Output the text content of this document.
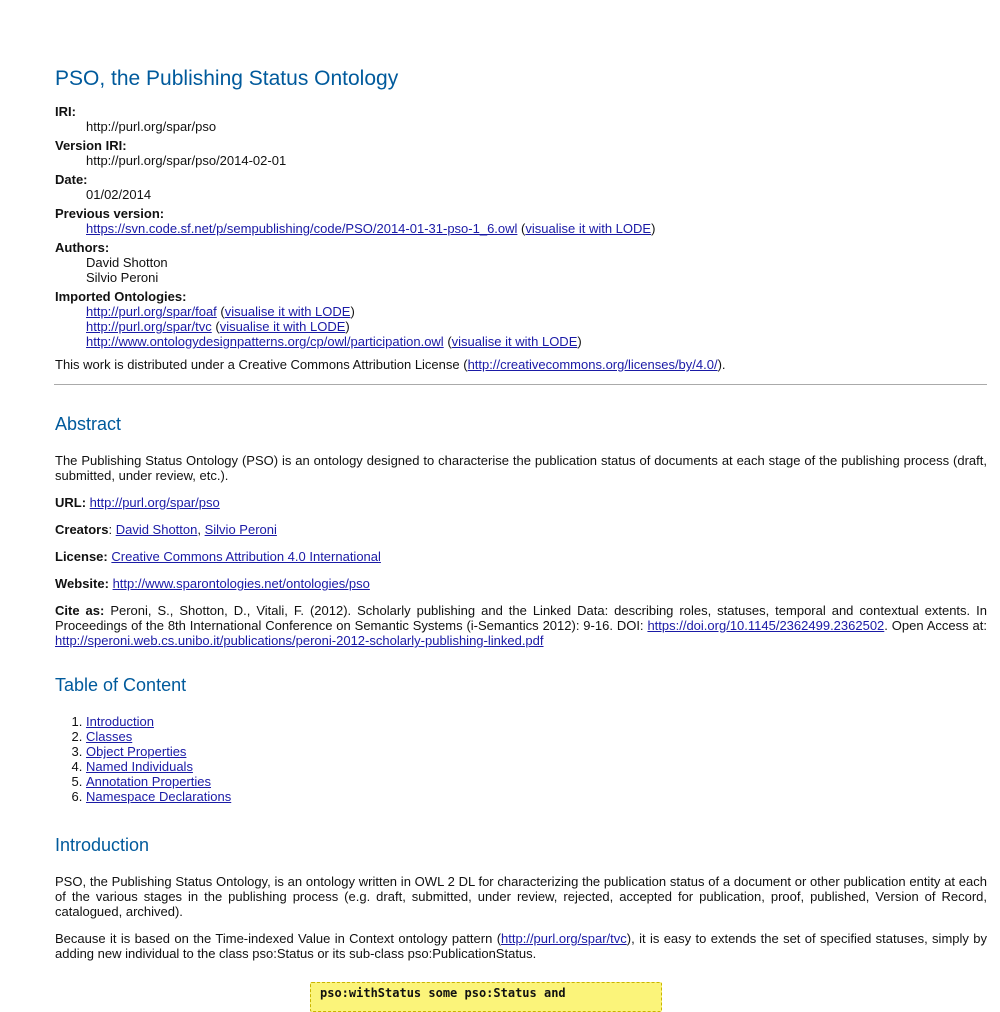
PSO, the Publishing Status Ontology
IRI:
http://purl.org/spar/pso
Version IRI:
http://purl.org/spar/pso/2014-02-01
Date:
01/02/2014
Previous version:
https://svn.code.sf.net/p/sempublishing/code/PSO/2014-01-31-pso-1_6.owl (visualise it with LODE)
Authors:
David Shotton
Silvio Peroni
Imported Ontologies:
http://purl.org/spar/foaf (visualise it with LODE)
http://purl.org/spar/tvc (visualise it with LODE)
http://www.ontologydesignpatterns.org/cp/owl/participation.owl (visualise it with LODE)
This work is distributed under a Creative Commons Attribution License (http://creativecommons.org/licenses/by/4.0/).
Abstract

The Publishing Status Ontology (PSO) is an ontology designed to characterise the publication status of documents at each stage of the publishing process (draft, submitted, under review, etc.).

URL: http://purl.org/spar/pso

Creators: David Shotton, Silvio Peroni

License: Creative Commons Attribution 4.0 International

Website: http://www.sparontologies.net/ontologies/pso

Cite as: Peroni, S., Shotton, D., Vitali, F. (2012). Scholarly publishing and the Linked Data: describing roles, statuses, temporal and contextual extents. In Proceedings of the 8th International Conference on Semantic Systems (i-Semantics 2012): 9-16. DOI: https://doi.org/10.1145/2362499.2362502. Open Access at: http://speroni.web.cs.unibo.it/publications/peroni-2012-scholarly-publishing-linked.pdf

Table of Content
1. Introduction
2. Classes
3. Object Properties
4. Named Individuals
5. Annotation Properties
6. Namespace Declarations
Introduction

PSO, the Publishing Status Ontology, is an ontology written in OWL 2 DL for characterizing the publication status of a document or other publication entity at each of the various stages in the publishing process (e.g. draft, submitted, under review, rejected, accepted for publication, proof, published, Version of Record, catalogued, archived).

Because it is based on the Time-indexed Value in Context ontology pattern (http://purl.org/spar/tvc), it is easy to extends the set of specified statuses, simply by adding new individual to the class pso:Status or its sub-class pso:PublicationStatus.

pso:withStatus some pso:Status and
